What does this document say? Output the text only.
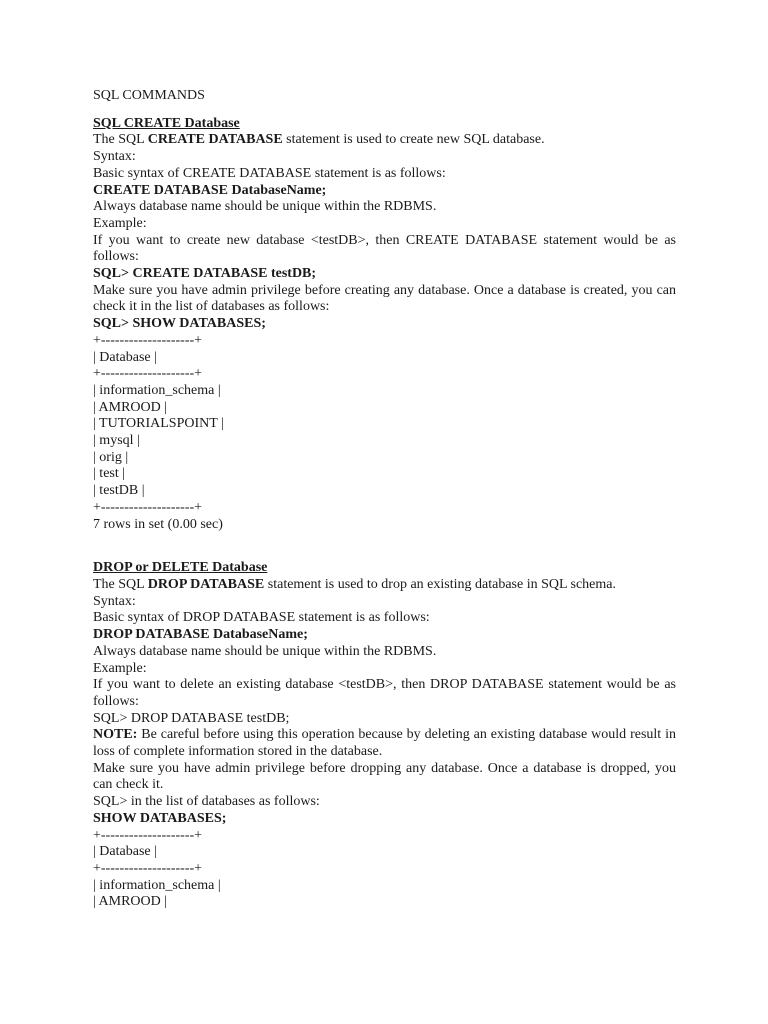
SQL COMMANDS

SQL CREATE Database

The SQL CREATE DATABASE statement is used to create new SQL database.

Syntax:

Basic syntax of CREATE DATABASE statement is as follows:

CREATE DATABASE DatabaseName;

Always database name should be unique within the RDBMS.

Example:

If you want to create new database <testDB>, then CREATE DATABASE statement would be as follows:

SQL> CREATE DATABASE testDB;

Make sure you have admin privilege before creating any database. Once a database is created, you can check it in the list of databases as follows:

SQL> SHOW DATABASES;

+--------------------+

| Database |

+--------------------+

| information_schema |

| AMROOD |

| TUTORIALSPOINT |

| mysql |

| orig |

| test |

| testDB |

+--------------------+

7 rows in set (0.00 sec)

DROP or DELETE Database

The SQL DROP DATABASE statement is used to drop an existing database in SQL schema.

Syntax:

Basic syntax of DROP DATABASE statement is as follows:

DROP DATABASE DatabaseName;

Always database name should be unique within the RDBMS.

Example:

If you want to delete an existing database <testDB>, then DROP DATABASE statement would be as follows:

SQL> DROP DATABASE testDB;

NOTE: Be careful before using this operation because by deleting an existing database would result in loss of complete information stored in the database.

Make sure you have admin privilege before dropping any database. Once a database is dropped, you can check it.

SQL> in the list of databases as follows:

SHOW DATABASES;

+--------------------+

| Database |

+--------------------+

| information_schema |

| AMROOD |
